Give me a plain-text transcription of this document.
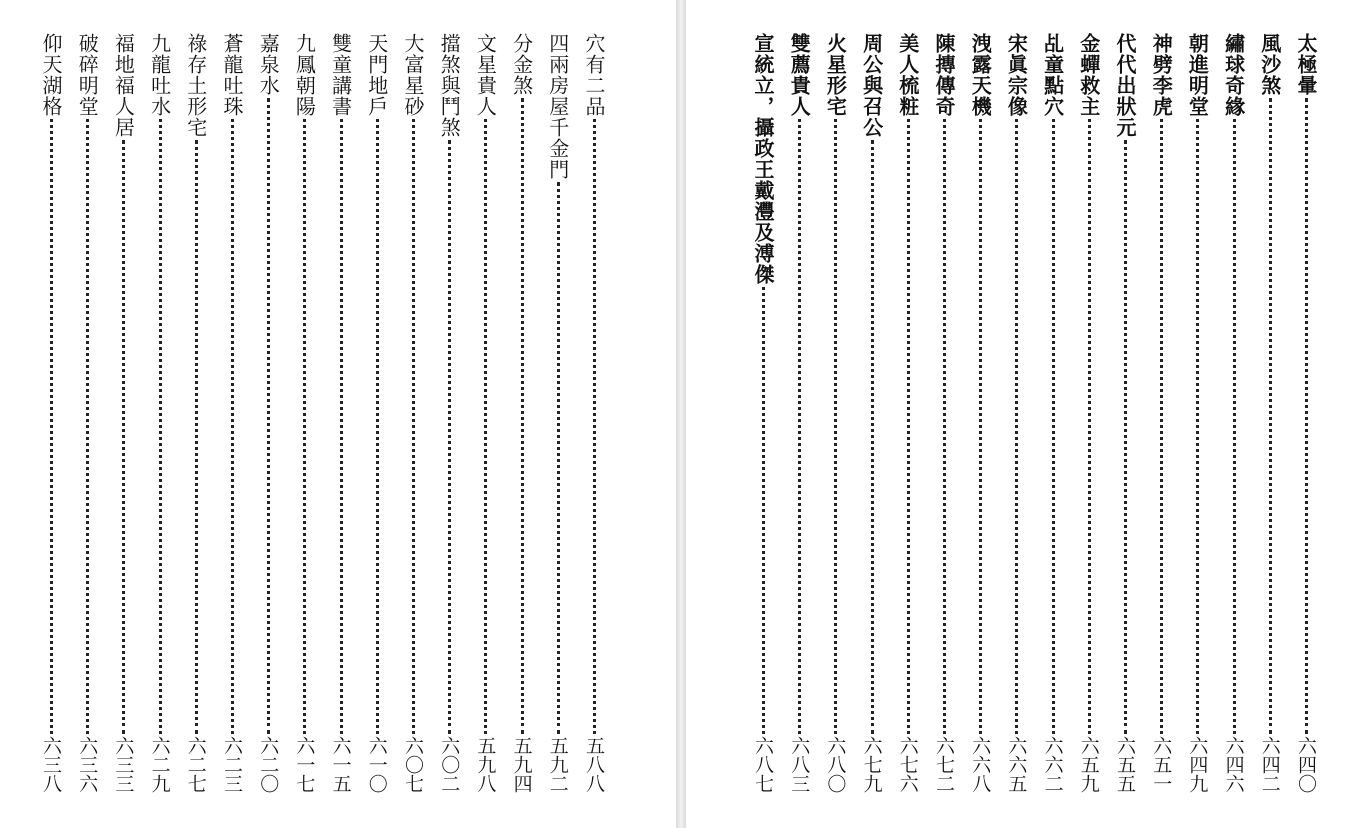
穴有二品
五八八
四兩房屋千金門
五九二
分金煞
五九四
文星貴人
五九八
擋煞與鬥煞
六〇二
大富星砂
六〇七
天門地戶
六一〇
雙童講書
六一五
九鳳朝陽
六一七
嘉泉水
六二〇
蒼龍吐珠
六二三
祿存土形宅
六二七
九龍吐水
六二九
福地福人居
六三三
破碎明堂
六三六
仰天湖格
六三八
太極暈
六四〇
風沙煞
六四二
繡球奇緣
六四六
朝進明堂
六四九
神劈李虎
六五一
代代出狀元
六五五
金蟬救主
六五九
乩童點穴
六六二
宋眞宗像
六六五
洩露天機
六六八
陳摶傳奇
六七二
美人梳粧
六七六
周公與召公
六七九
火星形宅
六八〇
雙薦貴人
六八三
宣統立，攝政王戴灃及溥傑
六八七
